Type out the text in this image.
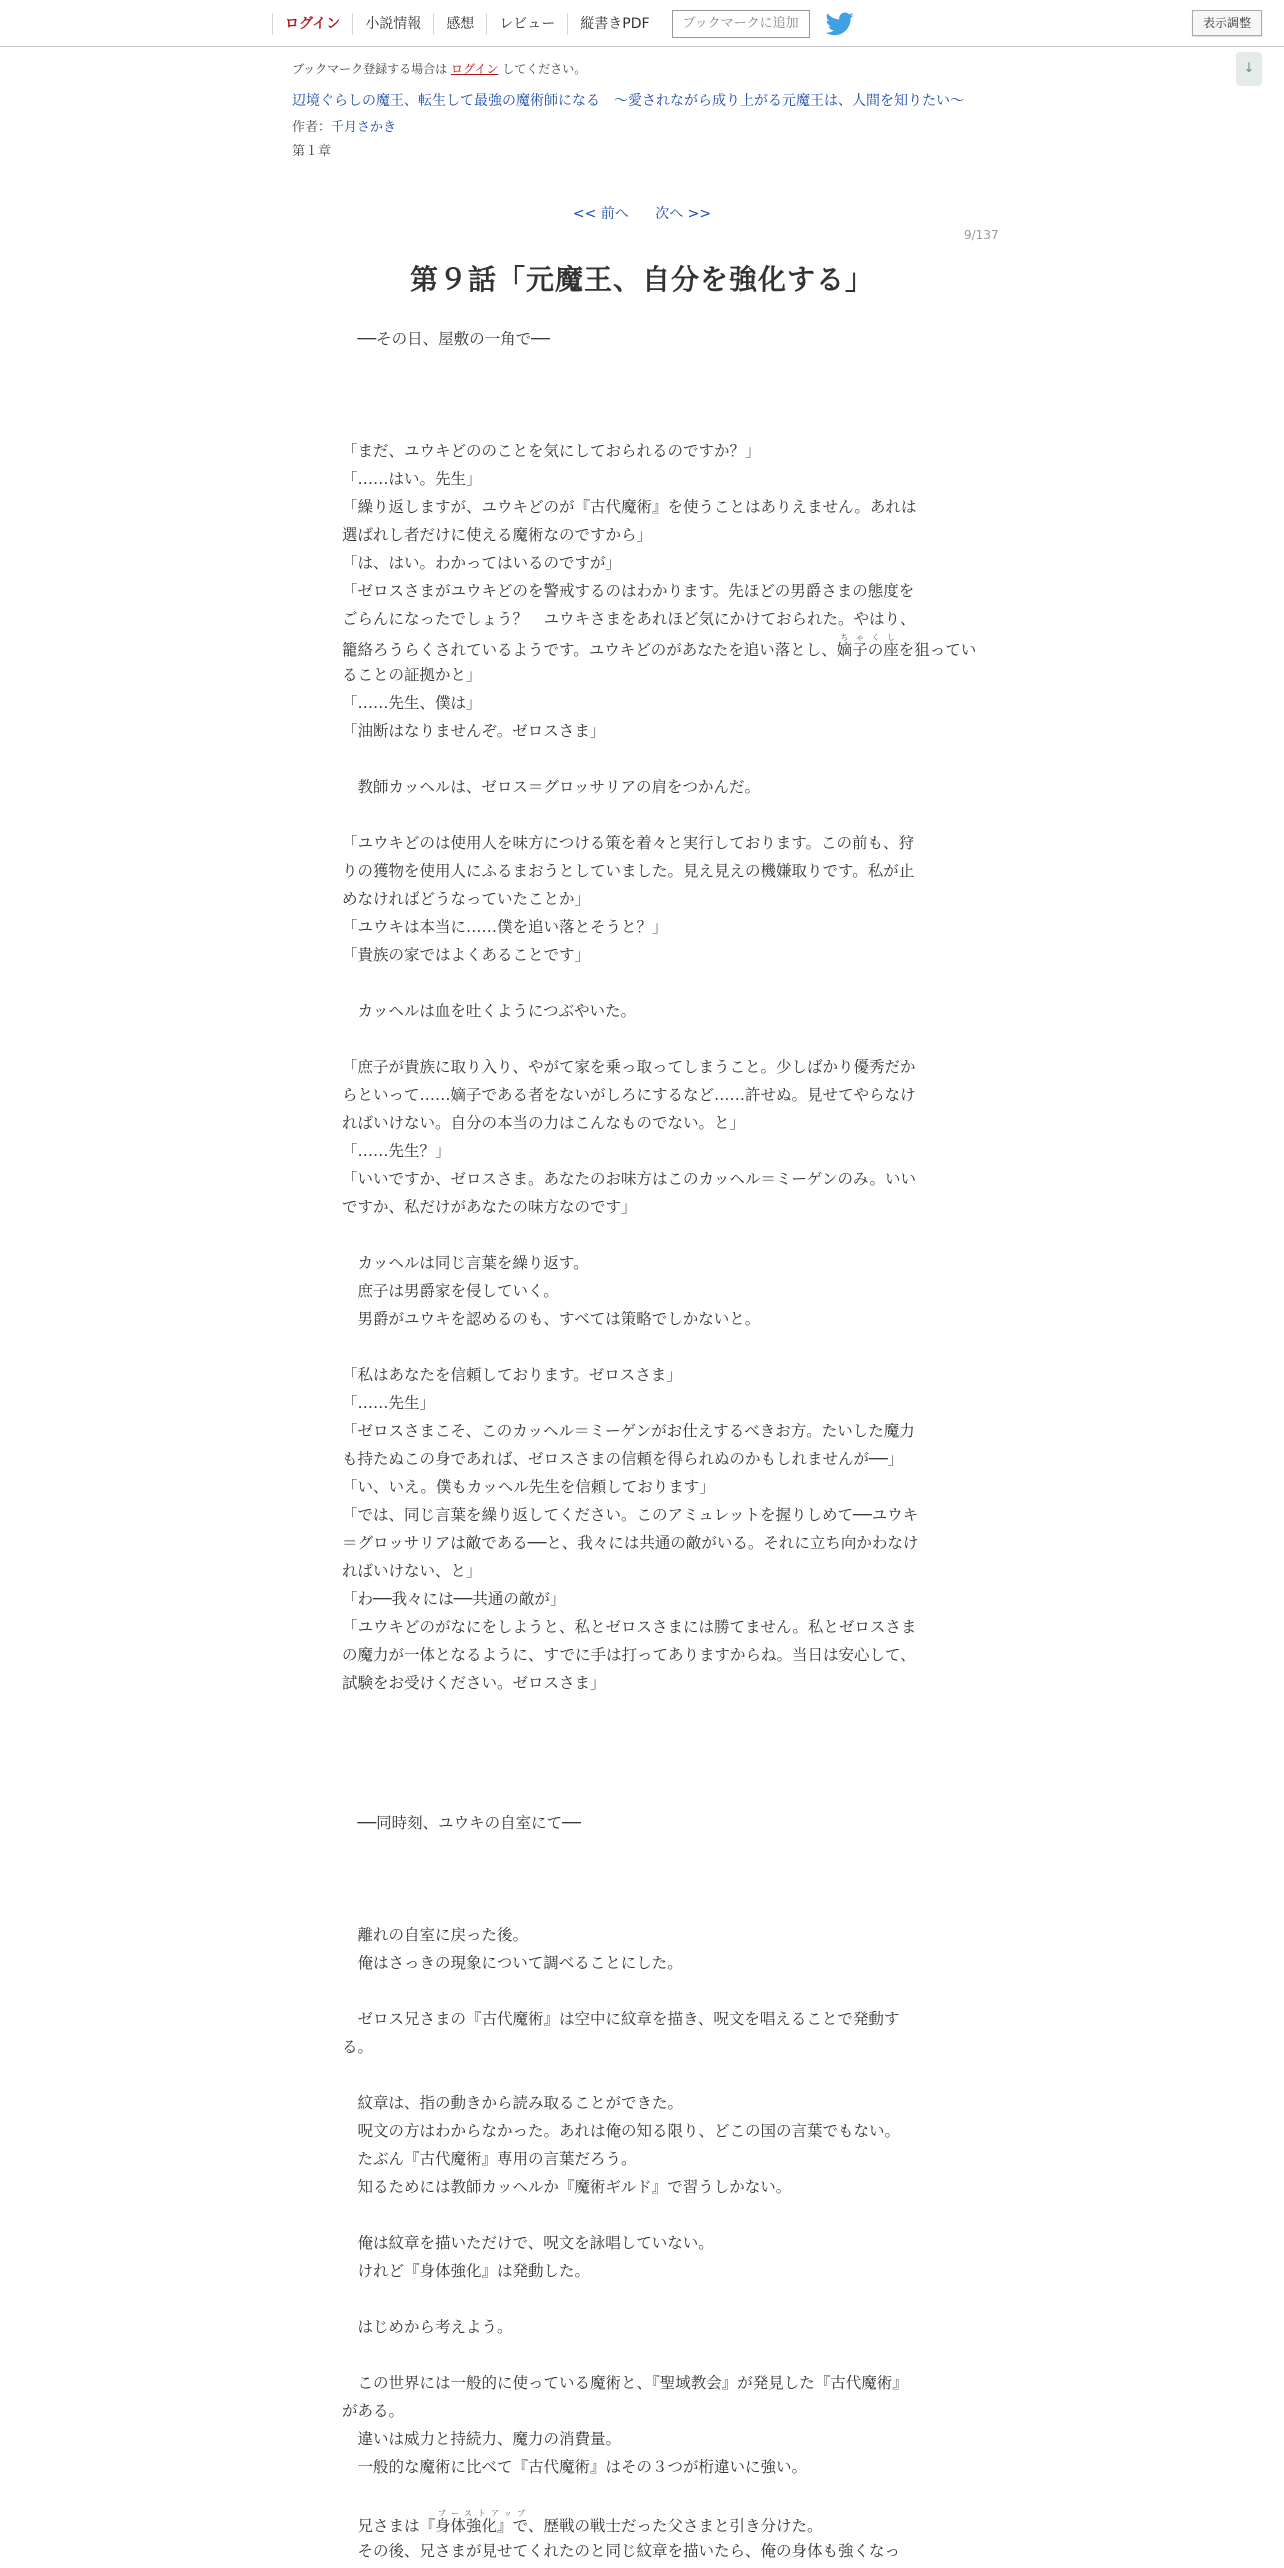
ログイン	小説情報	感想	レビュー	縦書きPDF	ブックマークに追加	表示調整
↓
ブックマーク登録する場合は ログイン してください。
辺境ぐらしの魔王、転生して最強の魔術師になる　〜愛されながら成り上がる元魔王は、人間を知りたい〜
作者：千月さかき
第１章
<< 前へ 次へ >>
9/137
第９話「元魔王、自分を強化する」
　──その日、屋敷の一角で──
「まだ、ユウキどののことを気にしておられるのですか？」
「……はい。先生」
「繰り返しますが、ユウキどのが『古代魔術』を使うことはありえません。あれは
選ばれし者だけに使える魔術なのですから」
「は、はい。わかってはいるのですが」
「ゼロスさまがユウキどのを警戒するのはわかります。先ほどの男爵さまの態度を
ごらんになったでしょう？　ユウキさまをあれほど気にかけておられた。やはり、
籠絡ろうらくされているようです。ユウキどのがあなたを追い落とし、嫡子の座ちゃくしを狙ってい
ることの証拠かと」
「……先生、僕は」
「油断はなりませんぞ。ゼロスさま」
　教師カッヘルは、ゼロス＝グロッサリアの肩をつかんだ。
「ユウキどのは使用人を味方につける策を着々と実行しております。この前も、狩
りの獲物を使用人にふるまおうとしていました。見え見えの機嫌取りです。私が止
めなければどうなっていたことか」
「ユウキは本当に……僕を追い落とそうと？」
「貴族の家ではよくあることです」
　カッヘルは血を吐くようにつぶやいた。
「庶子が貴族に取り入り、やがて家を乗っ取ってしまうこと。少しばかり優秀だか
らといって……嫡子である者をないがしろにするなど……許せぬ。見せてやらなけ
ればいけない。自分の本当の力はこんなものでない。と」
「……先生？」
「いいですか、ゼロスさま。あなたのお味方はこのカッヘル＝ミーゲンのみ。いい
ですか、私だけがあなたの味方なのです」
　カッヘルは同じ言葉を繰り返す。
　庶子は男爵家を侵していく。
　男爵がユウキを認めるのも、すべては策略でしかないと。
「私はあなたを信頼しております。ゼロスさま」
「……先生」
「ゼロスさまこそ、このカッヘル＝ミーゲンがお仕えするべきお方。たいした魔力
も持たぬこの身であれば、ゼロスさまの信頼を得られぬのかもしれませんが──」
「い、いえ。僕もカッヘル先生を信頼しております」
「では、同じ言葉を繰り返してください。このアミュレットを握りしめて──ユウキ
＝グロッサリアは敵である──と、我々には共通の敵がいる。それに立ち向かわなけ
ればいけない、と」
「わ──我々には──共通の敵が」
「ユウキどのがなにをしようと、私とゼロスさまには勝てません。私とゼロスさま
の魔力が一体となるように、すでに手は打ってありますからね。当日は安心して、
試験をお受けください。ゼロスさま」
　──同時刻、ユウキの自室にて──
　離れの自室に戻った後。
　俺はさっきの現象について調べることにした。
　ゼロス兄さまの『古代魔術』は空中に紋章を描き、呪文を唱えることで発動す
る。
　紋章は、指の動きから読み取ることができた。
　呪文の方はわからなかった。あれは俺の知る限り、どこの国の言葉でもない。
　たぶん『古代魔術』専用の言葉だろう。
　知るためには教師カッヘルか『魔術ギルド』で習うしかない。
　俺は紋章を描いただけで、呪文を詠唱していない。
　けれど『身体強化』は発動した。
　はじめから考えよう。
　この世界には一般的に使っている魔術と、『聖域教会』が発見した『古代魔術』
がある。
　違いは威力と持続力、魔力の消費量。
　一般的な魔術に比べて『古代魔術』はその３つが桁違いに強い。
　兄さまは『身体強化』でブーストアップ、歴戦の戦士だった父さまと引き分けた。
　その後、兄さまが見せてくれたのと同じ紋章を描いたら、俺の身体も強くなっ
